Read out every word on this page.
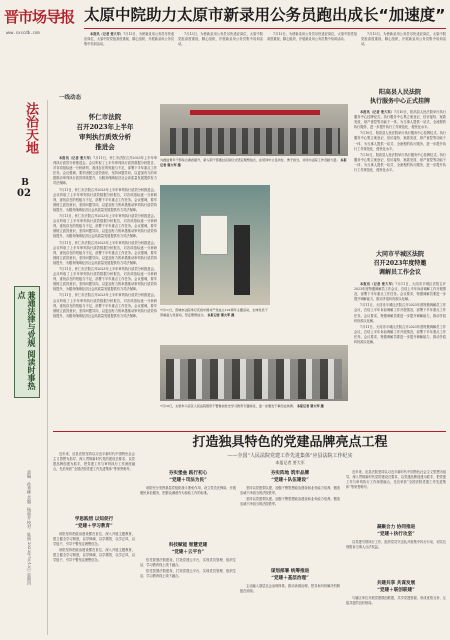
晋市场导报
www.sxscdb.com
太原中院助力太原市新录用公务员跑出成长“加速度”

本报讯（记者 要大军）7月13日，为使新录用公务员尽快适应岗位，太原中院党组高度重视，精心组织，开展新录用公务员集中培训活动。

7月13日，为使新录用公务员尽快适应岗位，太原中院党组高度重视，精心组织，开展新录用公务员集中培训活动。

7月13日，为使新录用公务员尽快适应岗位，太原中院党组高度重视，精心组织，开展新录用公务员集中培训活动。

7月13日，为使新录用公务员尽快适应岗位，太原中院党组高度重视，精心组织，开展新录用公务员集中培训活动。

法治天地
B
02
兼通法律与党规 阅读时事热点
责编：孙秀峰 美编：杨丽芳 校对：陈丽 2023年7月13日 星期四
一线动态
怀仁市法院
召开2023年上半年
审判执行质效分析
推进会

本报讯（记者 要大军）7月11日，怀仁市法院召开2023年上半年审判执行质效分析推进会。会议听取了上半年审判执行质效数据分析报告，对各项指标逐一分析研判，查找存在的短板与不足，部署下半年重点工作任务。会议强调，要牢固树立质效意识，坚持问题导向，以更加有力的举措推动审判执行质效持续提升，为服务保障经济社会高质量发展提供有力司法保障。

7月11日，怀仁市法院召开2023年上半年审判执行质效分析推进会。会议听取了上半年审判执行质效数据分析报告，对各项指标逐一分析研判，查找存在的短板与不足，部署下半年重点工作任务。会议强调，要牢固树立质效意识，坚持问题导向，以更加有力的举措推动审判执行质效持续提升，为服务保障经济社会高质量发展提供有力司法保障。

7月11日，怀仁市法院召开2023年上半年审判执行质效分析推进会。会议听取了上半年审判执行质效数据分析报告，对各项指标逐一分析研判，查找存在的短板与不足，部署下半年重点工作任务。会议强调，要牢固树立质效意识，坚持问题导向，以更加有力的举措推动审判执行质效持续提升，为服务保障经济社会高质量发展提供有力司法保障。

7月11日，怀仁市法院召开2023年上半年审判执行质效分析推进会。会议听取了上半年审判执行质效数据分析报告，对各项指标逐一分析研判，查找存在的短板与不足，部署下半年重点工作任务。会议强调，要牢固树立质效意识，坚持问题导向，以更加有力的举措推动审判执行质效持续提升，为服务保障经济社会高质量发展提供有力司法保障。

7月11日，怀仁市法院召开2023年上半年审判执行质效分析推进会。会议听取了上半年审判执行质效数据分析报告，对各项指标逐一分析研判，查找存在的短板与不足，部署下半年重点工作任务。会议强调，要牢固树立质效意识，坚持问题导向，以更加有力的举措推动审判执行质效持续提升，为服务保障经济社会高质量发展提供有力司法保障。

7月11日，怀仁市法院召开2023年上半年审判执行质效分析推进会。会议听取了上半年审判执行质效数据分析报告，对各项指标逐一分析研判，查找存在的短板与不足，部署下半年重点工作任务。会议强调，要牢固树立质效意识，坚持问题导向，以更加有力的举措推动审判执行质效持续提升，为服务保障经济社会高质量发展提供有力司法保障。

为推进青年干部综合素质提升，新入职干部通过宣誓仪式坚定理想信念，在培训中立足岗位、勇于担当，共同为法院工作贡献力量。 本报记者 要大军 摄
7月11日，晋城市法院举行庆祝中国共产党成立102周年主题活动，全体党员干部重温入党誓词，坚定理想信念。 本报记者 要大军 摄
7月10日，太原市小店区人民法院组织干警参加党史学习教育专题讲座，进一步激发干事创业热情。 本报记者 要大军 摄
阳高县人民法院
执行服务中心正式挂牌

本报讯（记者 要大军）7月10日，阳高县人民法院举行执行服务中心挂牌仪式。执行服务中心集立案登记、信访接待、案款发放、财产查控等功能于一体，为当事人提供一站式、全流程的执行服务，进一步提升执行工作规范化、便民化水平。

7月10日，阳高县人民法院举行执行服务中心挂牌仪式。执行服务中心集立案登记、信访接待、案款发放、财产查控等功能于一体，为当事人提供一站式、全流程的执行服务，进一步提升执行工作规范化、便民化水平。

7月10日，阳高县人民法院举行执行服务中心挂牌仪式。执行服务中心集立案登记、信访接待、案款发放、财产查控等功能于一体，为当事人提供一站式、全流程的执行服务，进一步提升执行工作规范化、便民化水平。

大同市平城区法院
召开2023年度特邀
调解员工作会议

本报讯（记者 要大军）7月11日，大同市平城区法院召开2023年度特邀调解员工作会议，总结上半年诉前调解工作开展情况，部署下半年重点工作任务。会议要求，特邀调解员要进一步提升调解能力，推动矛盾纠纷源头化解。

7月11日，大同市平城区法院召开2023年度特邀调解员工作会议，总结上半年诉前调解工作开展情况，部署下半年重点工作任务。会议要求，特邀调解员要进一步提升调解能力，推动矛盾纠纷源头化解。

7月11日，大同市平城区法院召开2023年度特邀调解员工作会议，总结上半年诉前调解工作开展情况，部署下半年重点工作任务。会议要求，特邀调解员要进一步提升调解能力，推动矛盾纠纷源头化解。

打造独具特色的党建品牌亮点工程
——全国“人民法院党建工作先进集体”应县法院工作纪实
本报记者 要大军

近年来，应县法院坚持以习近平新时代中国特色社会主义思想为指导，深入贯彻新时代党的建设总要求，以党建品牌创建为抓手，把党建工作与审判执行工作深度融合，先后荣获“全国法院党建工作先进集体”等荣誉称号。

学思践悟 以知促行
“党建＋学习教育”

该院坚持把政治建设摆在首位，深入开展主题教育，建立健全学习制度，以学铸魂、以学增智、以学正风、以学促干，引导干警坚定理想信念。

该院坚持把政治建设摆在首位，深入开展主题教育，建立健全学习制度，以学铸魂、以学增智、以学正风、以学促干，引导干警坚定理想信念。

夯实堡垒 践行初心
“党建＋司法为民”

该院充分发挥基层党组织战斗堡垒作用，设立党员先锋岗，开展便民诉讼服务，把群众满意作为检验工作的标准。

科技赋能 智慧党建
“党建＋云平台”

依托智慧法院建设，打造党建云平台，实现党员管理、组织生活、学习教育线上线下融合。

依托智慧法院建设，打造党建云平台，实现党员管理、组织生活、学习教育线上线下融合。

夯实阵地 筑牢品牌
“党建＋队伍建设”

坚持以党建带队建，加强干警思想政治建设和业务能力培养，锻造忠诚干净担当的法院铁军。

坚持以党建带队建，加强干警思想政治建设和业务能力培养，锻造忠诚干净担当的法院铁军。

谋划部署 统筹推进
“党建＋基层治理”

主动融入基层社会治理体系，推动诉源治理，把非诉纠纷解决机制挺在前面。

凝聚合力 协同推进
“党建＋执行攻坚”

近年来，应县法院坚持以习近平新时代中国特色社会主义思想为指导，深入贯彻新时代党的建设总要求，以党建品牌创建为抓手，把党建工作与审判执行工作深度融合，先后荣获“全国法院党建工作先进集体”等荣誉称号。

以党建引领执行工作，组织党员突击队开展集中执行行动，切实兑现胜诉当事人合法权益。

共建共享 共谋发展
“党建＋联创联建”

与辖区单位开展党建联创联建，共享党建资源，形成优势互补、互促共进的良好格局。
